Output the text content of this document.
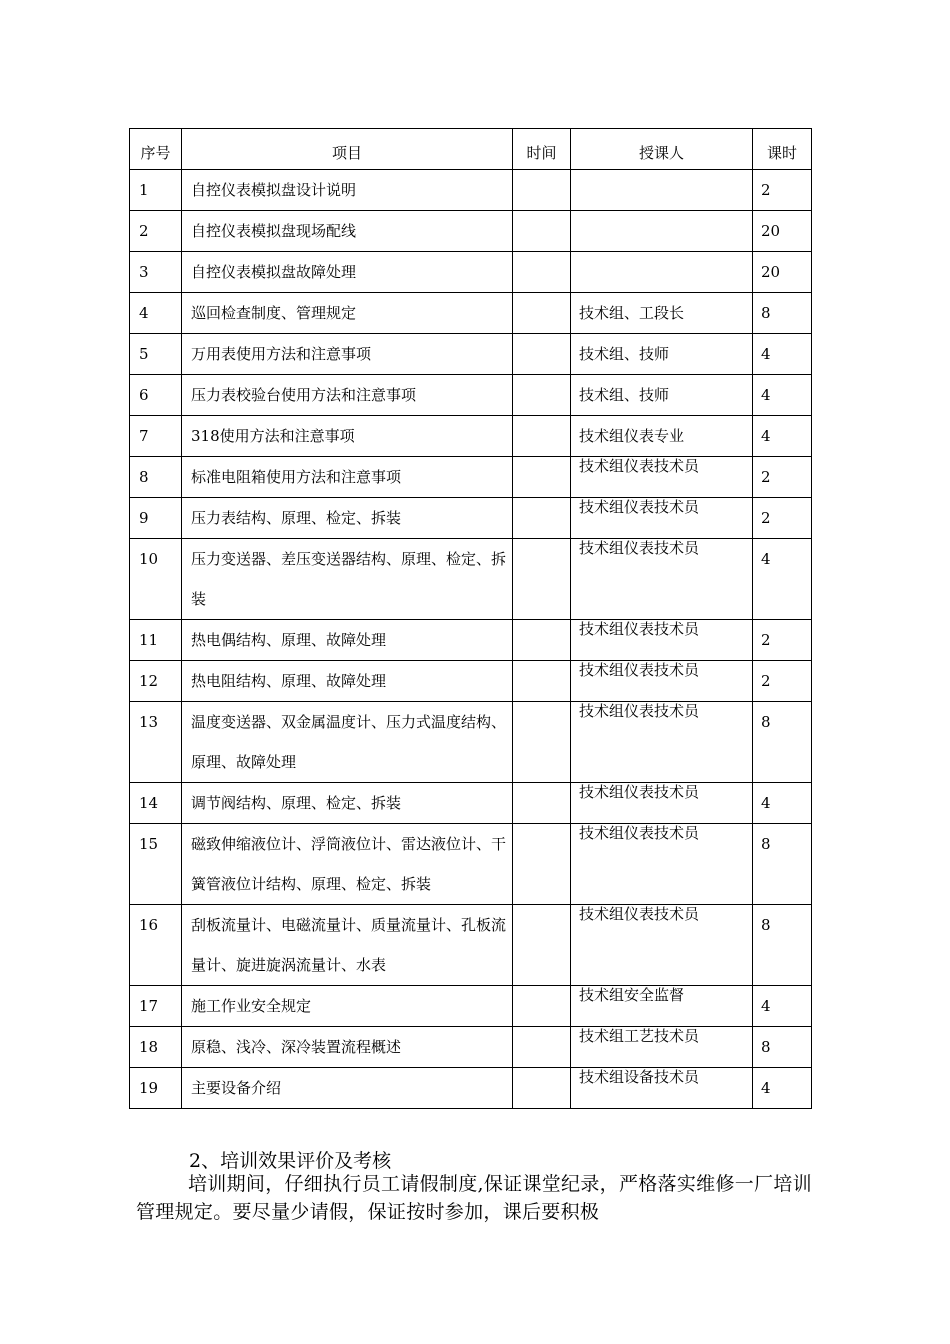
序号	项目	时间	授课人	课时
1	自控仪表模拟盘设计说明			2
2	自控仪表模拟盘现场配线			20
3	自控仪表模拟盘故障处理			20
4	巡回检查制度、管理规定		技术组、工段长	8
5	万用表使用方法和注意事项		技术组、技师	4
6	压力表校验台使用方法和注意事项		技术组、技师	4
7	318使用方法和注意事项		技术组仪表专业	4
8	标准电阻箱使用方法和注意事项		技术组仪表技术员	2
9	压力表结构、原理、检定、拆装		技术组仪表技术员	2
10	压力变送器、差压变送器结构、原理、检定、拆装		技术组仪表技术员	4
11	热电偶结构、原理、故障处理		技术组仪表技术员	2
12	热电阻结构、原理、故障处理		技术组仪表技术员	2
13	温度变送器、双金属温度计、压力式温度结构、原理、故障处理		技术组仪表技术员	8
14	调节阀结构、原理、检定、拆装		技术组仪表技术员	4
15	磁致伸缩液位计、浮筒液位计、雷达液位计、干簧管液位计结构、原理、检定、拆装		技术组仪表技术员	8
16	刮板流量计、电磁流量计、质量流量计、孔板流量计、旋进旋涡流量计、水表		技术组仪表技术员	8
17	施工作业安全规定		技术组安全监督	4
18	原稳、浅冷、深冷装置流程概述		技术组工艺技术员	8
19	主要设备介绍		技术组设备技术员	4
2、培训效果评价及考核
培训期间，仔细执行员工请假制度,保证课堂纪录，严格落实维修一厂培训管理规定。要尽量少请假，保证按时参加，课后要积极
